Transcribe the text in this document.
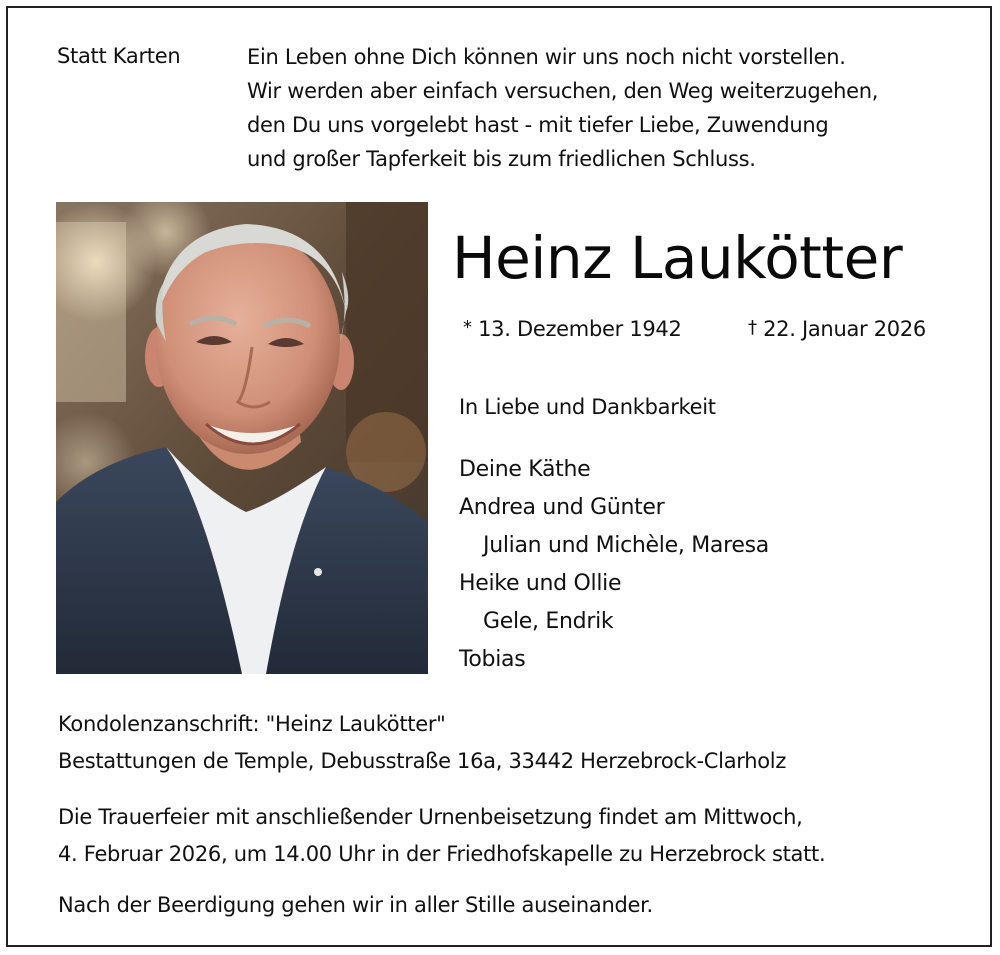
Statt Karten	Ein Leben ohne Dich können wir uns noch nicht vorstellen.
Wir werden aber einfach versuchen, den Weg weiterzugehen,
den Du uns vorgelebt hast - mit tiefer Liebe, Zuwendung
und großer Tapferkeit bis zum friedlichen Schluss.
Heinz Laukötter
* 13. Dezember 1942	† 22. Januar 2026
In Liebe und Dankbarkeit
Deine Käthe
Andrea und Günter
Julian und Michèle, Maresa
Heike und Ollie
Gele, Endrik
Tobias
Kondolenzanschrift: "Heinz Laukötter"
Bestattungen de Temple, Debusstraße 16a, 33442 Herzebrock-Clarholz
Die Trauerfeier mit anschließender Urnenbeisetzung findet am Mittwoch,
4. Februar 2026, um 14.00 Uhr in der Friedhofskapelle zu Herzebrock statt.
Nach der Beerdigung gehen wir in aller Stille auseinander.
